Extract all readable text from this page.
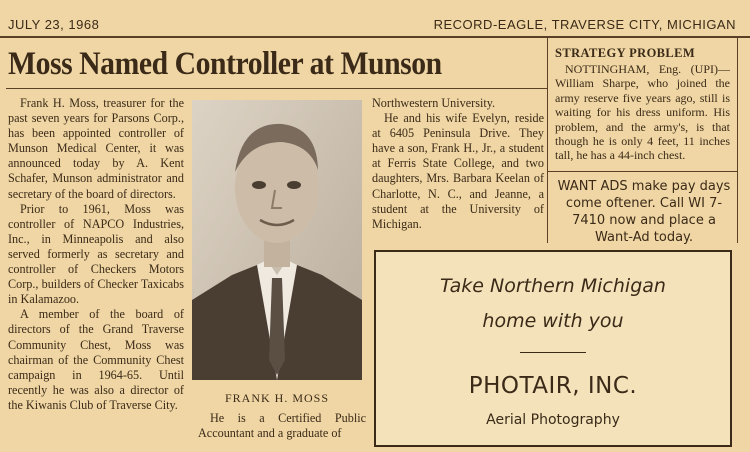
JULY 23, 1968	RECORD-EAGLE, TRAVERSE CITY, MICHIGAN
Moss Named Controller at Munson

Frank H. Moss, treasurer for the past seven years for Parsons Corp., has been appointed controller of Munson Medical Center, it was announced today by A. Kent Schafer, Munson administrator and secretary of the board of directors.

Prior to 1961, Moss was controller of NAPCO Industries, Inc., in Minneapolis and also served formerly as secretary and controller of Checkers Motors Corp., builders of Checker Taxicabs in Kalamazoo.

A member of the board of directors of the Grand Traverse Community Chest, Moss was chairman of the Community Chest campaign in 1964-65. Until recently he was also a director of the Kiwanis Club of Traverse City.	FRANK H. MOSS

He is a Certified Public Accountant and a graduate of

Northwestern University.

He and his wife Evelyn, reside at 6405 Peninsula Drive. They have a son, Frank H., Jr., a student at Ferris State College, and two daughters, Mrs. Barbara Keelan of Charlotte, N. C., and Jeanne, a student at the University of Michigan.

STRATEGY PROBLEM

NOTTINGHAM, Eng. (UPI)— William Sharpe, who joined the army reserve five years ago, still is waiting for his dress uniform. His problem, and the army's, is that though he is only 4 feet, 11 inches tall, he has a 44-inch chest.

WANT ADS make pay days come oftener. Call WI 7-7410 now and place a Want-Ad today.
Take Northern Michigan
home with you
PHOTAIR, INC.
Aerial Photography
